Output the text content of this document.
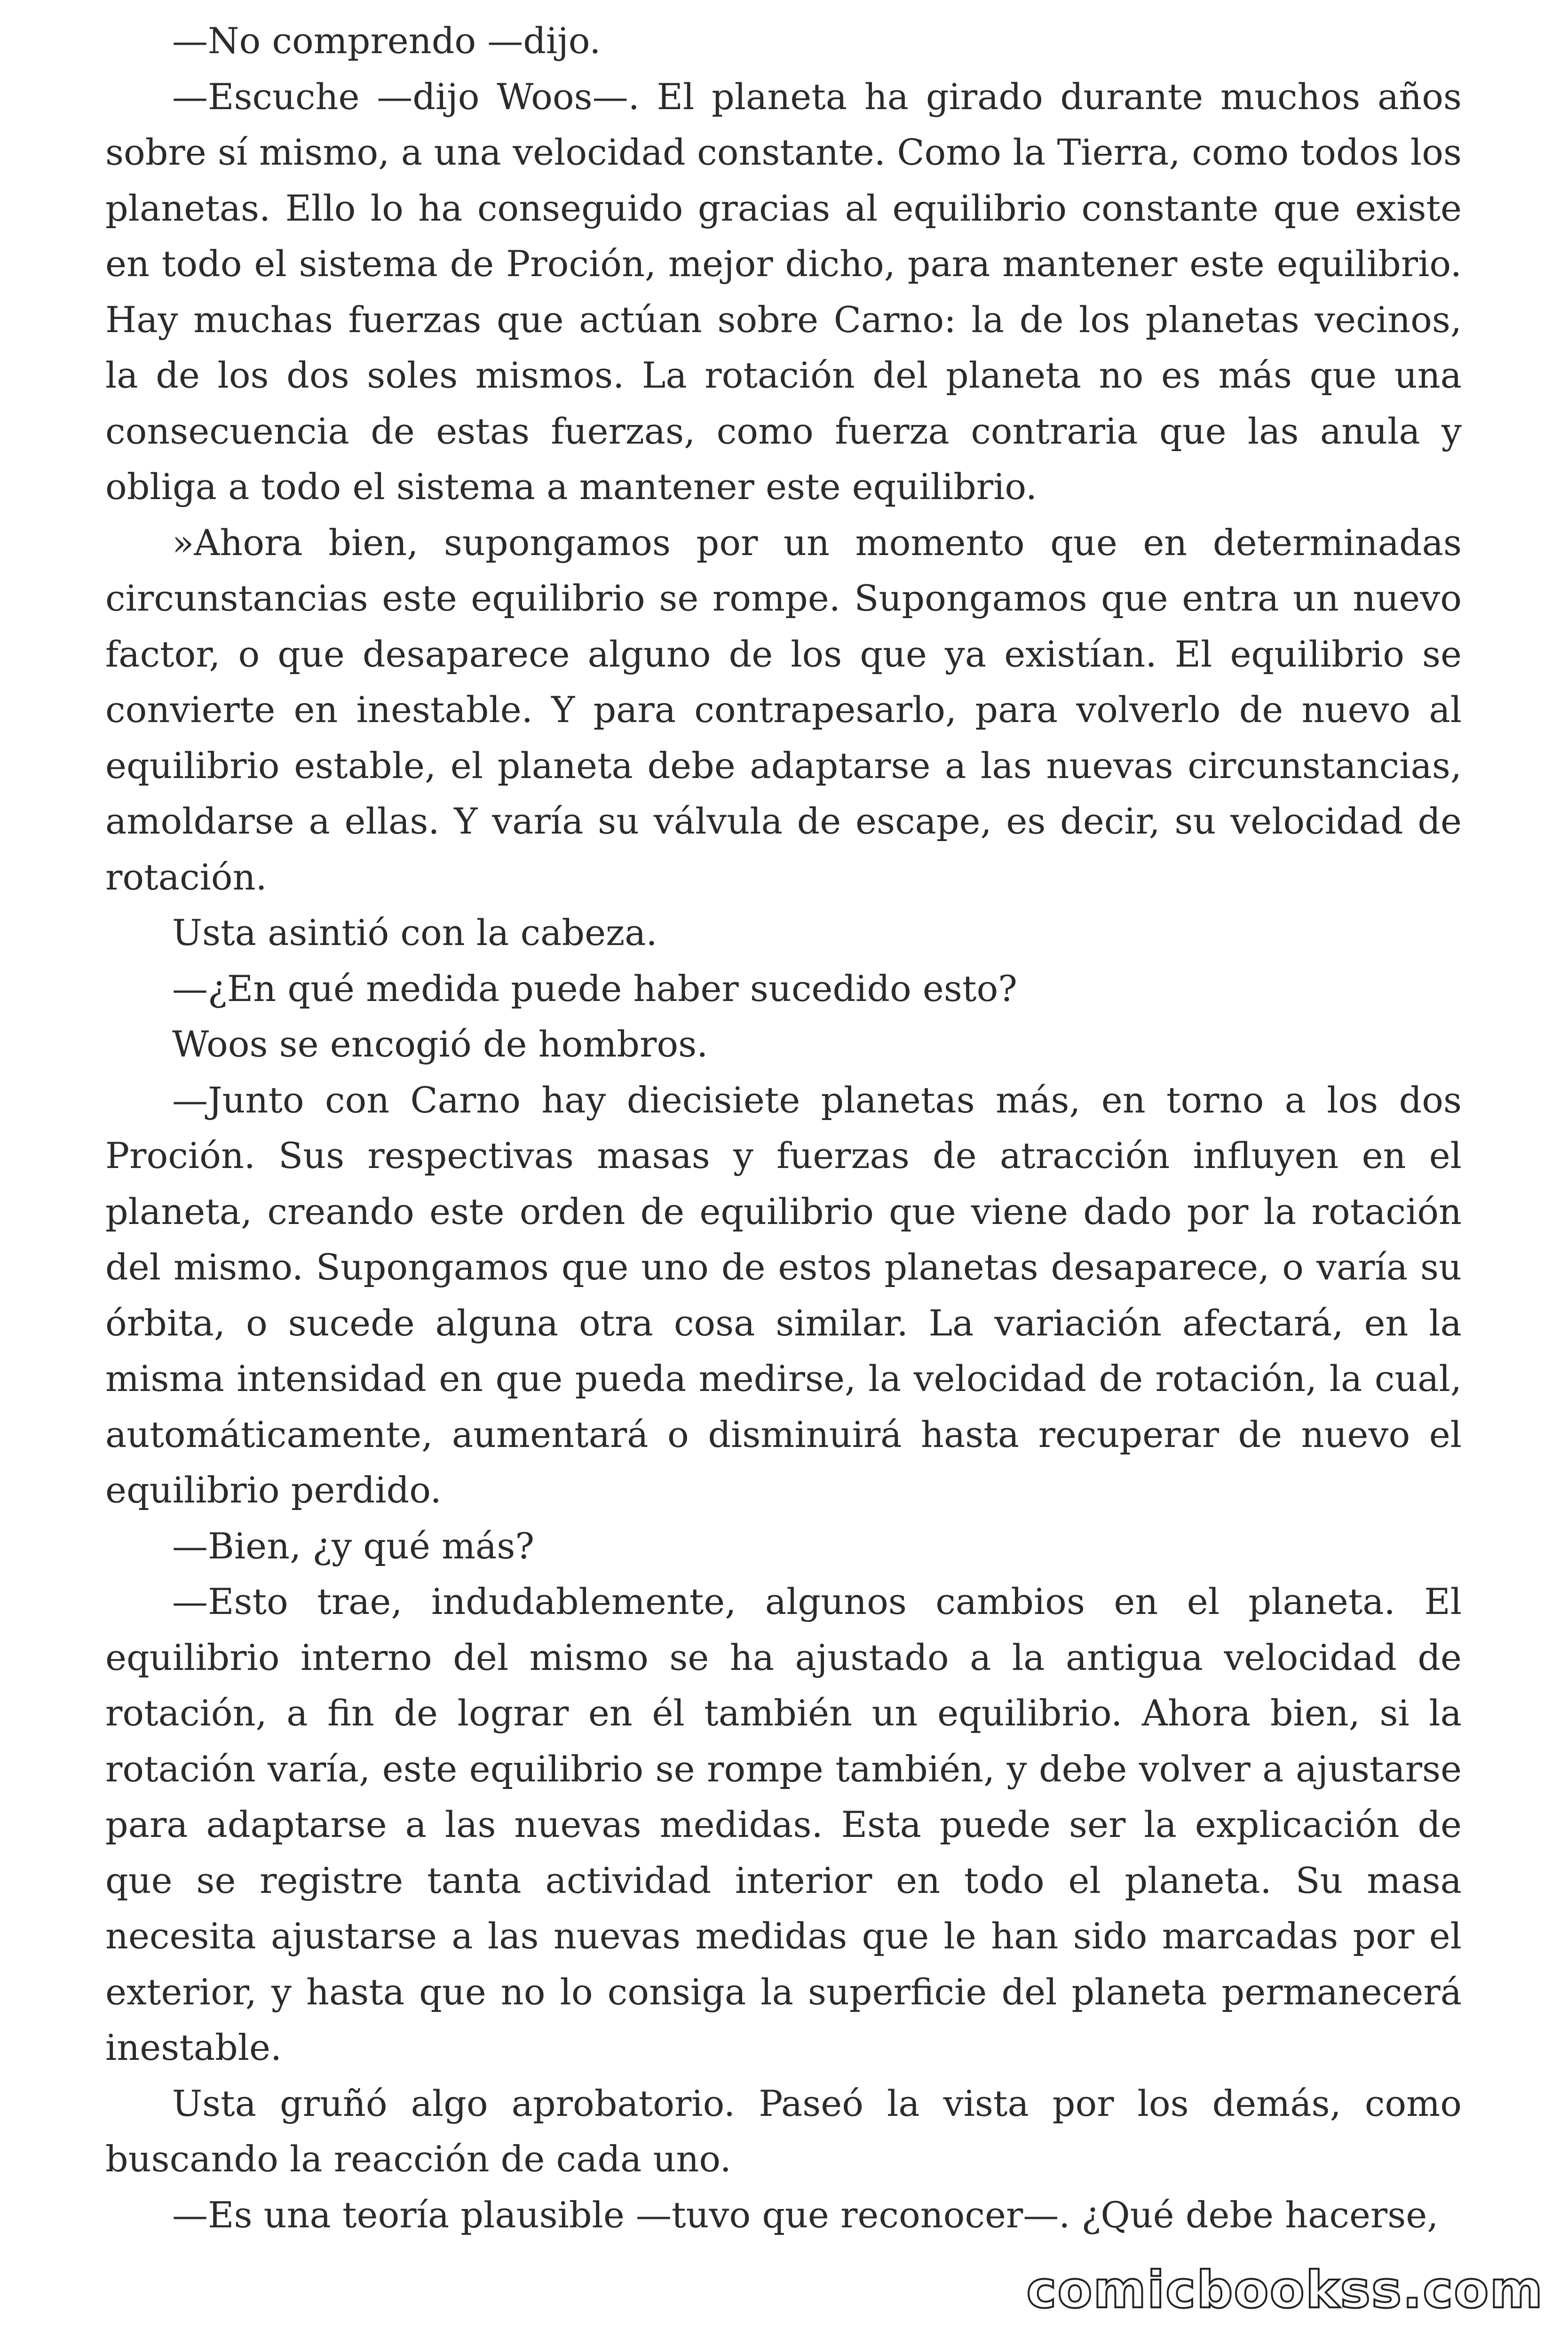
—No comprendo —dijo.

—Escuche —dijo Woos—. El planeta ha girado durante muchos años sobre sí mismo, a una velocidad constante. Como la Tierra, como todos los planetas. Ello lo ha conseguido gracias al equilibrio constante que existe en todo el sistema de Proción, mejor dicho, para mantener este equilibrio. Hay muchas fuerzas que actúan sobre Carno: la de los planetas vecinos, la de los dos soles mismos. La rotación del planeta no es más que una consecuencia de estas fuerzas, como fuerza contraria que las anula y obliga a todo el sistema a mantener este equilibrio.

»Ahora bien, supongamos por un momento que en determinadas circunstancias este equilibrio se rompe. Supongamos que entra un nuevo factor, o que desaparece alguno de los que ya existían. El equilibrio se convierte en inestable. Y para contrapesarlo, para volverlo de nuevo al equilibrio estable, el planeta debe adaptarse a las nuevas circunstancias, amoldarse a ellas. Y varía su válvula de escape, es decir, su velocidad de rotación.

Usta asintió con la cabeza.

—¿En qué medida puede haber sucedido esto?

Woos se encogió de hombros.

—Junto con Carno hay diecisiete planetas más, en torno a los dos Proción. Sus respectivas masas y fuerzas de atracción influyen en el planeta, creando este orden de equilibrio que viene dado por la rotación del mismo. Supongamos que uno de estos planetas desaparece, o varía su órbita, o sucede alguna otra cosa similar. La variación afectará, en la misma intensidad en que pueda medirse, la velocidad de rotación, la cual, automáticamente, aumentará o disminuirá hasta recuperar de nuevo el equilibrio perdido.

—Bien, ¿y qué más?

—Esto trae, indudablemente, algunos cambios en el planeta. El equilibrio interno del mismo se ha ajustado a la antigua velocidad de rotación, a fin de lograr en él también un equilibrio. Ahora bien, si la rotación varía, este equilibrio se rompe también, y debe volver a ajustarse para adaptarse a las nuevas medidas. Esta puede ser la explicación de que se registre tanta actividad interior en todo el planeta. Su masa necesita ajustarse a las nuevas medidas que le han sido marcadas por el exterior, y hasta que no lo consiga la superficie del planeta permanecerá inestable.

Usta gruñó algo aprobatorio. Paseó la vista por los demás, como buscando la reacción de cada uno.

—Es una teoría plausible —tuvo que reconocer—. ¿Qué debe hacerse,

comicbookss.com
